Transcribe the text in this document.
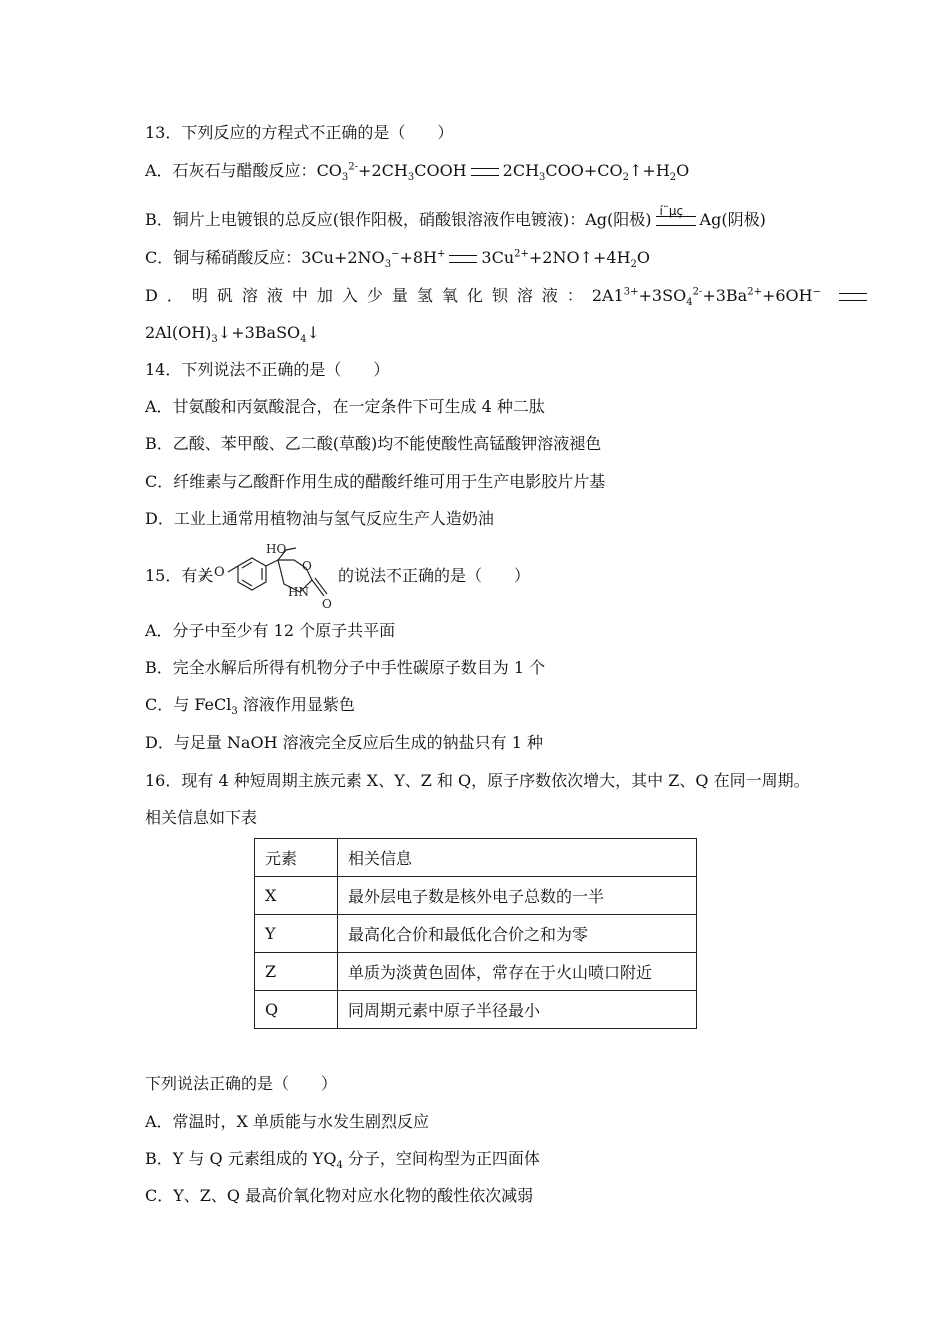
13．下列反应的方程式不正确的是（　　）
A．石灰石与醋酸反应：$CO_3^{2-}+2CH_3COOH$ $2CH_3COO+CO_2↑+H_2O$
B．铜片上电镀银的总反应(银作阳极，硝酸银溶液作电镀液)：Ag(阳极) í¨µç Ag(阴极)
C．铜与稀硝酸反应：$3Cu+2NO_3^-+8H^+$ $3Cu^{2+}+2NO↑+4H_2O$
D．明矾溶液中加入少量氢氧化钡溶液：$2A1^{3+}+3SO_4^{2-}+3Ba^{2+}+6OH^-$
$2Al(OH)_3↓+3BaSO_4↓$
14．下列说法不正确的是（　　）
A．甘氨酸和丙氨酸混合，在一定条件下可生成 4 种二肽
B．乙酸、苯甲酸、乙二酸(草酸)均不能使酸性高锰酸钾溶液褪色
C．纤维素与乙酸酐作用生成的醋酸纤维可用于生产电影胶片片基
D．工业上通常用植物油与氢气反应生产人造奶油
15．有关 O
HO
O
HN
O
的说法不正确的是（　　）
A．分子中至少有 12 个原子共平面
B．完全水解后所得有机物分子中手性碳原子数目为 1 个
C．与 FeCl$_3$ 溶液作用显紫色
D．与足量 NaOH 溶液完全反应后生成的钠盐只有 1 种
16．现有 4 种短周期主族元素 X、Y、Z 和 Q，原子序数依次增大，其中 Z、Q 在同一周期。
相关信息如下表
元素	相关信息
X	最外层电子数是核外电子总数的一半
Y	最高化合价和最低化合价之和为零
Z	单质为淡黄色固体，常存在于火山喷口附近
Q	同周期元素中原子半径最小
下列说法正确的是（　　）
A．常温时，X 单质能与水发生剧烈反应
B．Y 与 Q 元素组成的 $YQ_4$ 分子，空间构型为正四面体
C．Y、Z、Q 最高价氧化物对应水化物的酸性依次减弱
